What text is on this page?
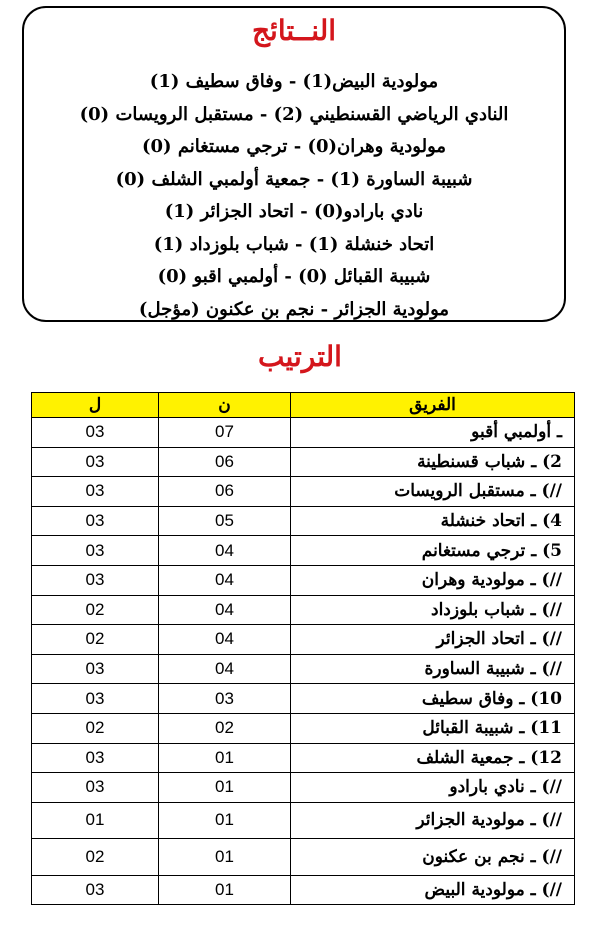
النــتائج
مولودية البيض(1) - وفاق سطيف (1)
النادي الرياضي القسنطيني (2) - مستقبل الرويسات (0)
مولودية وهران(0) - ترجي مستغانم (0)
شبيبة الساورة (1) - جمعية أولمبي الشلف (0)
نادي بارادو(0) - اتحاد الجزائر (1)
اتحاد خنشلة (1) - شباب بلوزداد (1)
شبيبة القبائل (0) - أولمبي اقبو (0)
مولودية الجزائر - نجم بن عكنون (مؤجل)
الترتيب
الفريق	ن	ل
ـ أولمبي أقبو	07	03
2) ـ شباب قسنطينة	06	03
//) ـ مستقبل الرويسات	06	03
4) ـ اتحاد خنشلة	05	03
5) ـ ترجي مستغانم	04	03
//) ـ مولودية وهران	04	03
//) ـ شباب بلوزداد	04	02
//) ـ اتحاد الجزائر	04	02
//) ـ شبيبة الساورة	04	03
10) ـ وفاق سطيف	03	03
11) ـ شبيبة القبائل	02	02
12) ـ جمعية الشلف	01	03
//) ـ نادي بارادو	01	03
//) ـ مولودية الجزائر	01	01
//) ـ نجم بن عكنون	01	02
//) ـ مولودية البيض	01	03
